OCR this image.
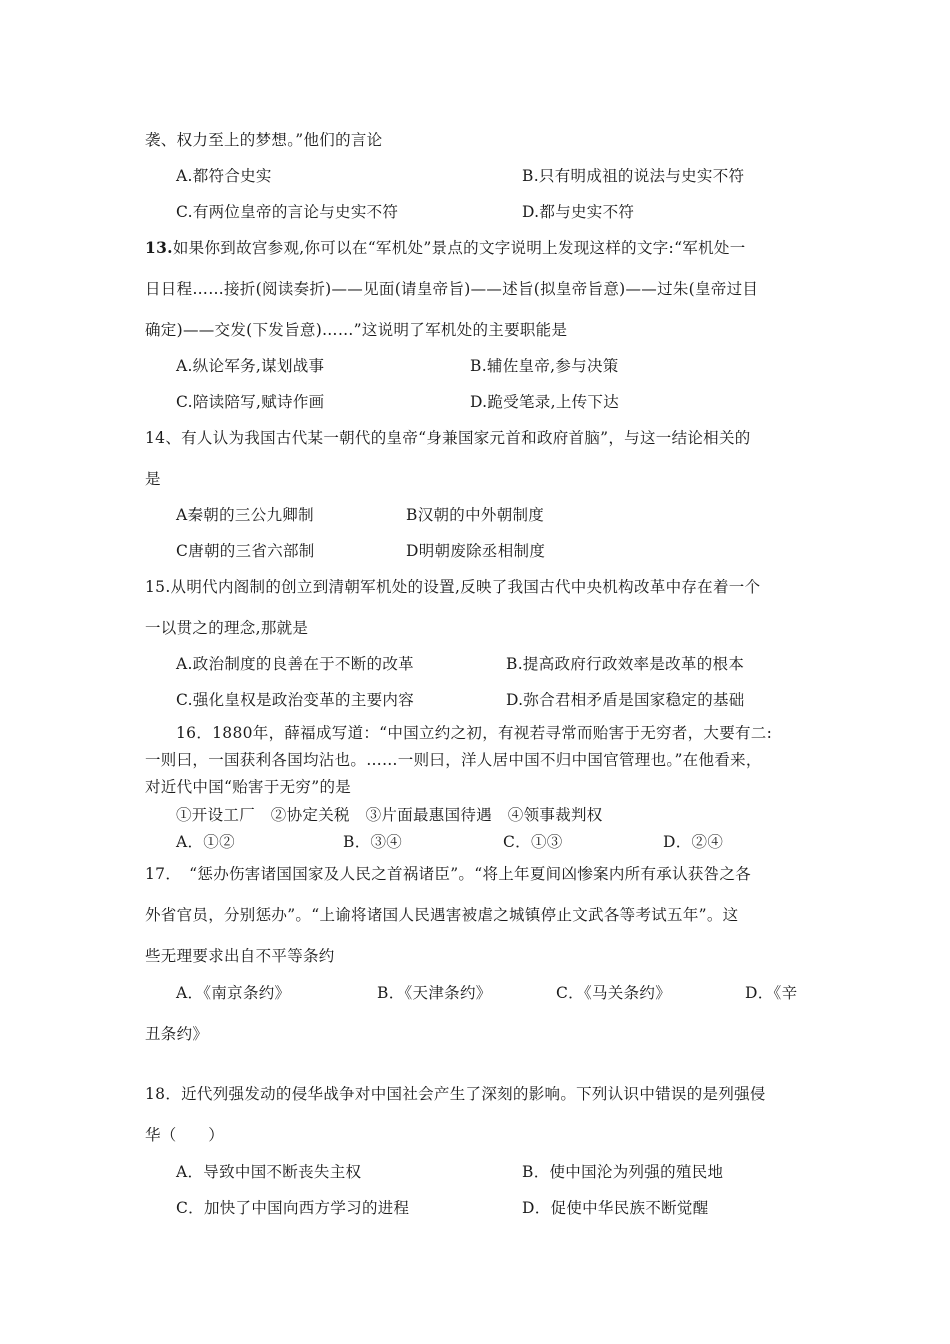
袭、权力至上的梦想。”他们的言论
A.都符合史实	B.只有明成祖的说法与史实不符
C.有两位皇帝的言论与史实不符	D.都与史实不符
13.如果你到故宫参观,你可以在“军机处”景点的文字说明上发现这样的文字:“军机处一
日日程……接折(阅读奏折)——见面(请皇帝旨)——述旨(拟皇帝旨意)——过朱(皇帝过目
确定)——交发(下发旨意)……”这说明了军机处的主要职能是
A.纵论军务,谋划战事	B.辅佐皇帝,参与决策
C.陪读陪写,赋诗作画	D.跪受笔录,上传下达
14、有人认为我国古代某一朝代的皇帝“身兼国家元首和政府首脑”，与这一结论相关的
是
A秦朝的三公九卿制	B汉朝的中外朝制度
C唐朝的三省六部制	D明朝废除丞相制度
15.从明代内阁制的创立到清朝军机处的设置,反映了我国古代中央机构改革中存在着一个
一以贯之的理念,那就是
A.政治制度的良善在于不断的改革	B.提高政府行政效率是改革的根本
C.强化皇权是政治变革的主要内容	D.弥合君相矛盾是国家稳定的基础
16．1880年，薛福成写道：“中国立约之初，有视若寻常而贻害于无穷者，大要有二:
一则曰，一国获利各国均沾也。……一则曰，洋人居中国不归中国官管理也。”在他看来，
对近代中国“贻害于无穷”的是
①开设工厂　②协定关税　③片面最惠国待遇　④领事裁判权
A．①②	B．③④	C．①③	D．②④
17．　“惩办伤害诸国国家及人民之首祸诸臣”。“将上年夏间凶惨案内所有承认获咎之各
外省官员，分别惩办”。“上谕将诸国人民遇害被虐之城镇停止文武各等考试五年”。这
些无理要求出自不平等条约
A．《南京条约》	B．《天津条约》	C．《马关条约》	D．《辛
丑条约》
18．近代列强发动的侵华战争对中国社会产生了深刻的影响。下列认识中错误的是列强侵
华（　　）
A．导致中国不断丧失主权	B．使中国沦为列强的殖民地
C．加快了中国向西方学习的进程	D．促使中华民族不断觉醒
